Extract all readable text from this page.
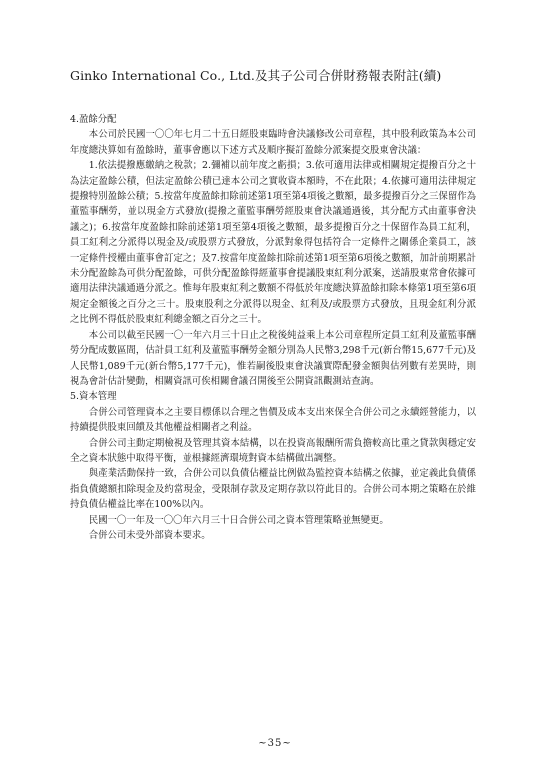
Ginko International Co., Ltd.及其子公司合併財務報表附註(續)

4.盈餘分配

本公司於民國一〇〇年七月二十五日經股東臨時會決議修改公司章程，其中股利政策為本公司年度總決算如有盈餘時，董事會應以下述方式及順序擬訂盈餘分派案提交股東會決議：

1.依法提撥應繳納之稅款；2.彌補以前年度之虧損；3.依可適用法律或相關規定提撥百分之十為法定盈餘公積，但法定盈餘公積已達本公司之實收資本額時，不在此限；4.依據可適用法律規定提撥特別盈餘公積；5.按當年度盈餘扣除前述第1項至第4項後之數額，最多提撥百分之三保留作為董監事酬勞，並以現金方式發放(提撥之董監事酬勞經股東會決議通過後，其分配方式由董事會決議之)；6.按當年度盈餘扣除前述第1項至第4項後之數額，最多提撥百分之十保留作為員工紅利，員工紅利之分派得以現金及/或股票方式發放，分派對象得包括符合一定條件之關係企業員工，該一定條件授權由董事會訂定之；及7.按當年度盈餘扣除前述第1項至第6項後之數額，加計前期累計未分配盈餘為可供分配盈餘，可供分配盈餘得經董事會提議股東紅利分派案，送請股東常會依據可適用法律決議通過分派之。惟每年股東紅利之數額不得低於年度總決算盈餘扣除本條第1項至第6項規定金額後之百分之三十。股東股利之分派得以現金、紅利及/或股票方式發放，且現金紅利分派之比例不得低於股東紅利總金額之百分之三十。

本公司以截至民國一〇一年六月三十日止之稅後純益乘上本公司章程所定員工紅利及董監事酬勞分配成數區間，估計員工紅利及董監事酬勞金額分別為人民幣3,298千元(新台幣15,677千元)及人民幣1,089千元(新台幣5,177千元)，惟若嗣後股東會決議實際配發金額與估列數有差異時，則視為會計估計變動，相關資訊可俟相關會議召開後至公開資訊觀測站查詢。

5.資本管理

合併公司管理資本之主要目標係以合理之售價及成本支出來保全合併公司之永續經營能力，以持續提供股東回饋及其他權益相關者之利益。

合併公司主動定期檢視及管理其資本結構，以在投資高報酬所需負擔較高比重之貸款與穩定安全之資本狀態中取得平衡，並根據經濟環境對資本結構做出調整。

與產業活動保持一致，合併公司以負債佔權益比例做為監控資本結構之依據，並定義此負債係指負債總額扣除現金及約當現金，受限制存款及定期存款以符此目的。合併公司本期之策略在於維持負債佔權益比率在100%以內。

民國一〇一年及一〇〇年六月三十日合併公司之資本管理策略並無變更。

合併公司未受外部資本要求。

~35~
